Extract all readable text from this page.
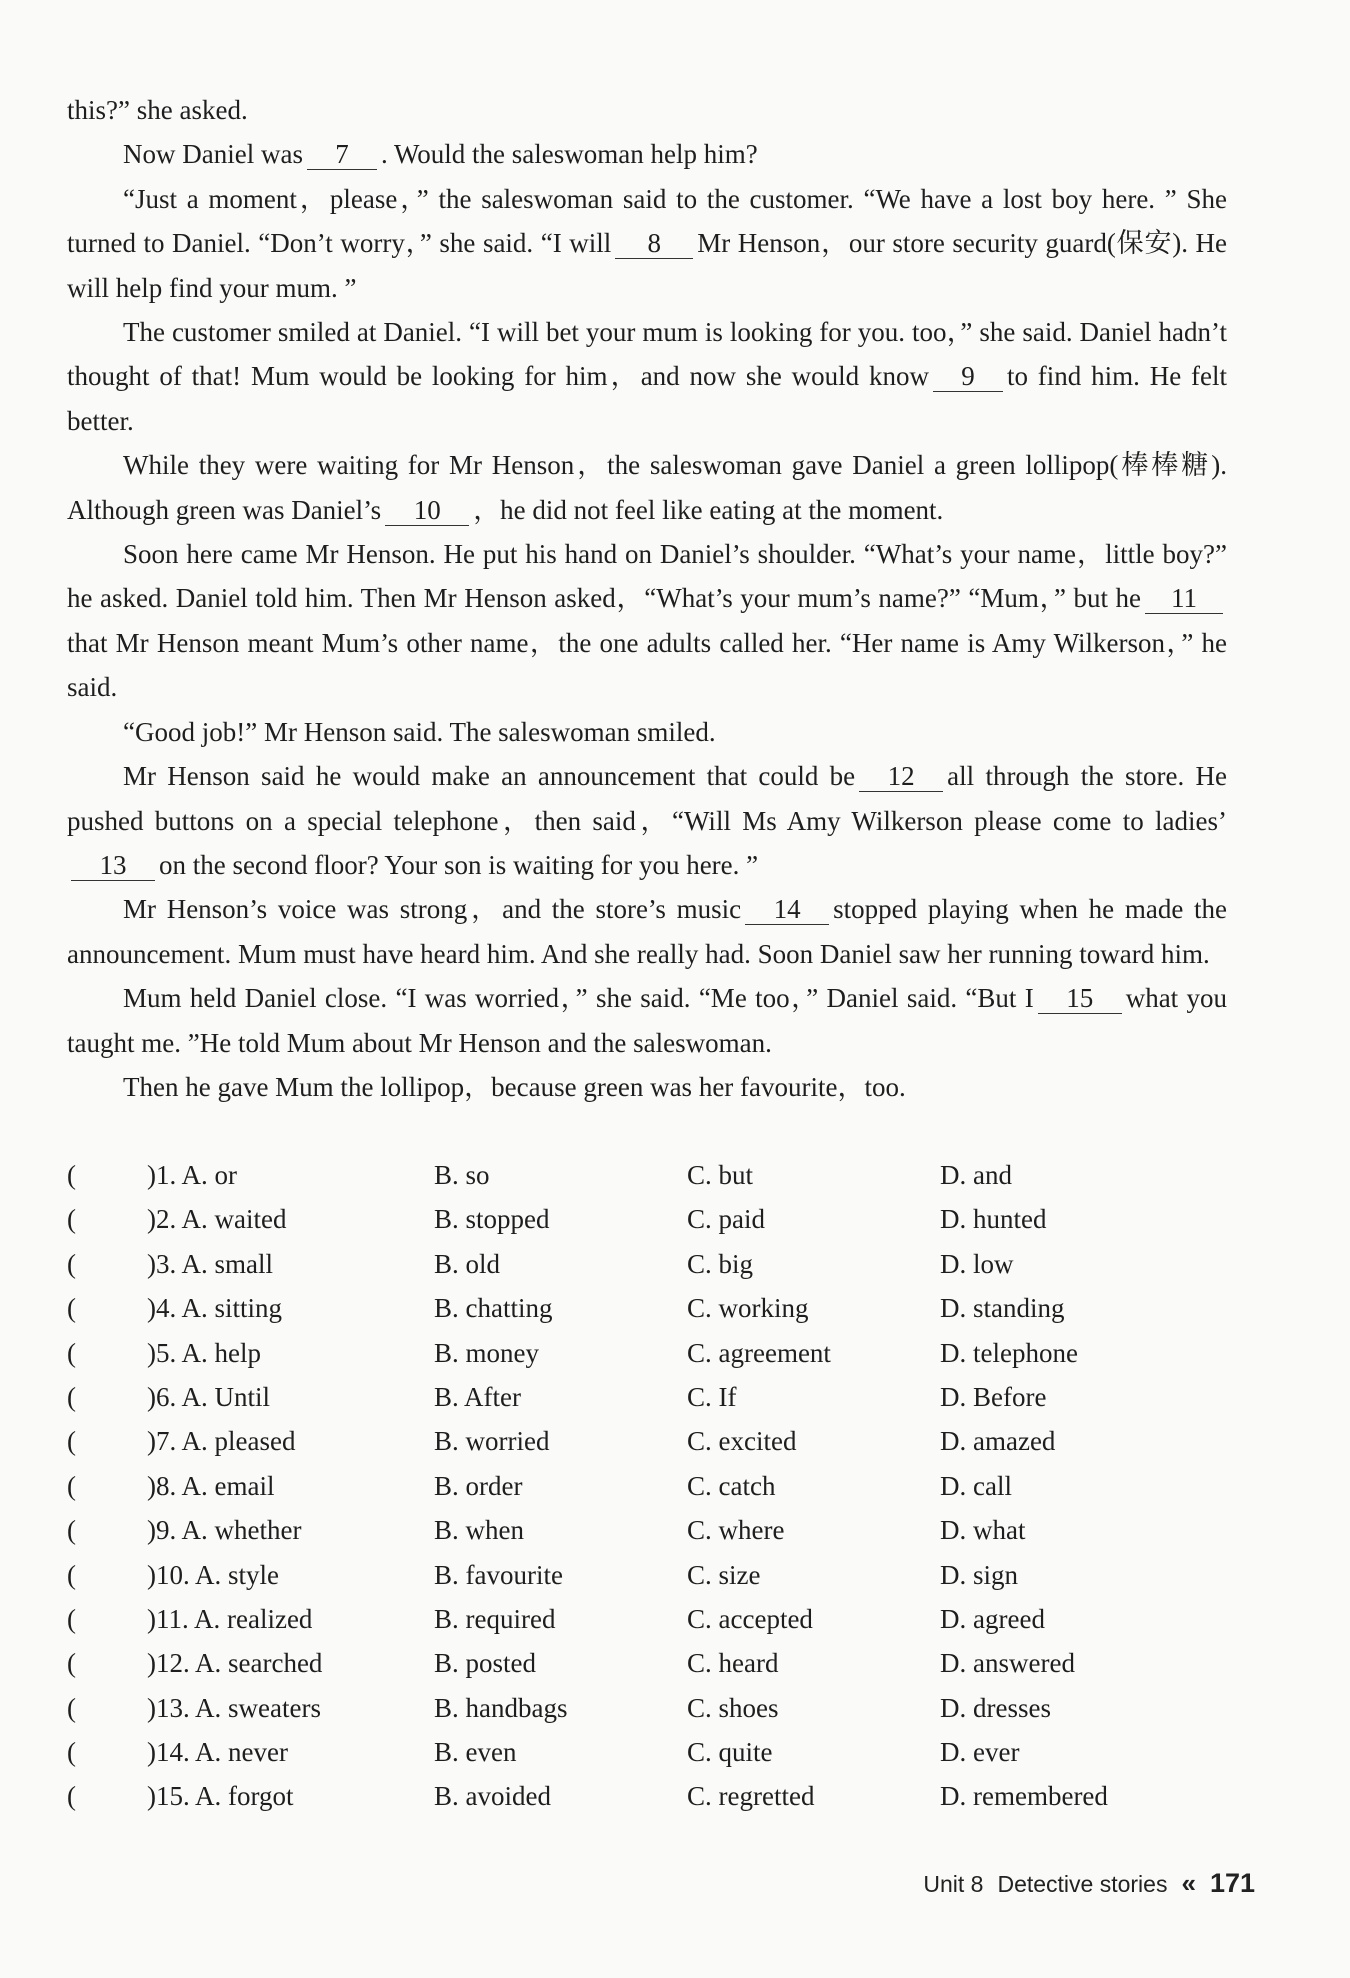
this?” she asked.

Now Daniel was 7 . Would the saleswoman help him?

“Just a moment，please，” the saleswoman said to the customer. “We have a lost boy here. ” She turned to Daniel. “Don’t worry，” she said. “I will 8 Mr Henson，our store security guard(保安). He will help find your mum. ”

The customer smiled at Daniel. “I will bet your mum is looking for you. too，” she said. Daniel hadn’t thought of that! Mum would be looking for him，and now she would know 9 to find him. He felt better.

While they were waiting for Mr Henson，the saleswoman gave Daniel a green lollipop(棒棒糖). Although green was Daniel’s 10 ，he did not feel like eating at the moment.

Soon here came Mr Henson. He put his hand on Daniel’s shoulder. “What’s your name，little boy?” he asked. Daniel told him. Then Mr Henson asked，“What’s your mum’s name?” “Mum，” but he 11that Mr Henson meant Mum’s other name，the one adults called her. “Her name is Amy Wilkerson，” he said.

“Good job!” Mr Henson said. The saleswoman smiled.

Mr Henson said he would make an announcement that could be 12 all through the store. He pushed buttons on a special telephone，then said，“Will Ms Amy Wilkerson please come to ladies’13 on the second floor? Your son is waiting for you here. ”

Mr Henson’s voice was strong，and the store’s music 14 stopped playing when he made the announcement. Mum must have heard him. And she really had. Soon Daniel saw her running toward him.

Mum held Daniel close. “I was worried，” she said. “Me too，” Daniel said. “But I 15 what you taught me. ”He told Mum about Mr Henson and the saleswoman.

Then he gave Mum the lollipop，because green was her favourite，too.

(	)1. A. or	B. so	C. but	D. and
(	)2. A. waited	B. stopped	C. paid	D. hunted
(	)3. A. small	B. old	C. big	D. low
(	)4. A. sitting	B. chatting	C. working	D. standing
(	)5. A. help	B. money	C. agreement	D. telephone
(	)6. A. Until	B. After	C. If	D. Before
(	)7. A. pleased	B. worried	C. excited	D. amazed
(	)8. A. email	B. order	C. catch	D. call
(	)9. A. whether	B. when	C. where	D. what
(	)10. A. style	B. favourite	C. size	D. sign
(	)11. A. realized	B. required	C. accepted	D. agreed
(	)12. A. searched	B. posted	C. heard	D. answered
(	)13. A. sweaters	B. handbags	C. shoes	D. dresses
(	)14. A. never	B. even	C. quite	D. ever
(	)15. A. forgot	B. avoided	C. regretted	D. remembered
Unit 8 Detective stories « 171
